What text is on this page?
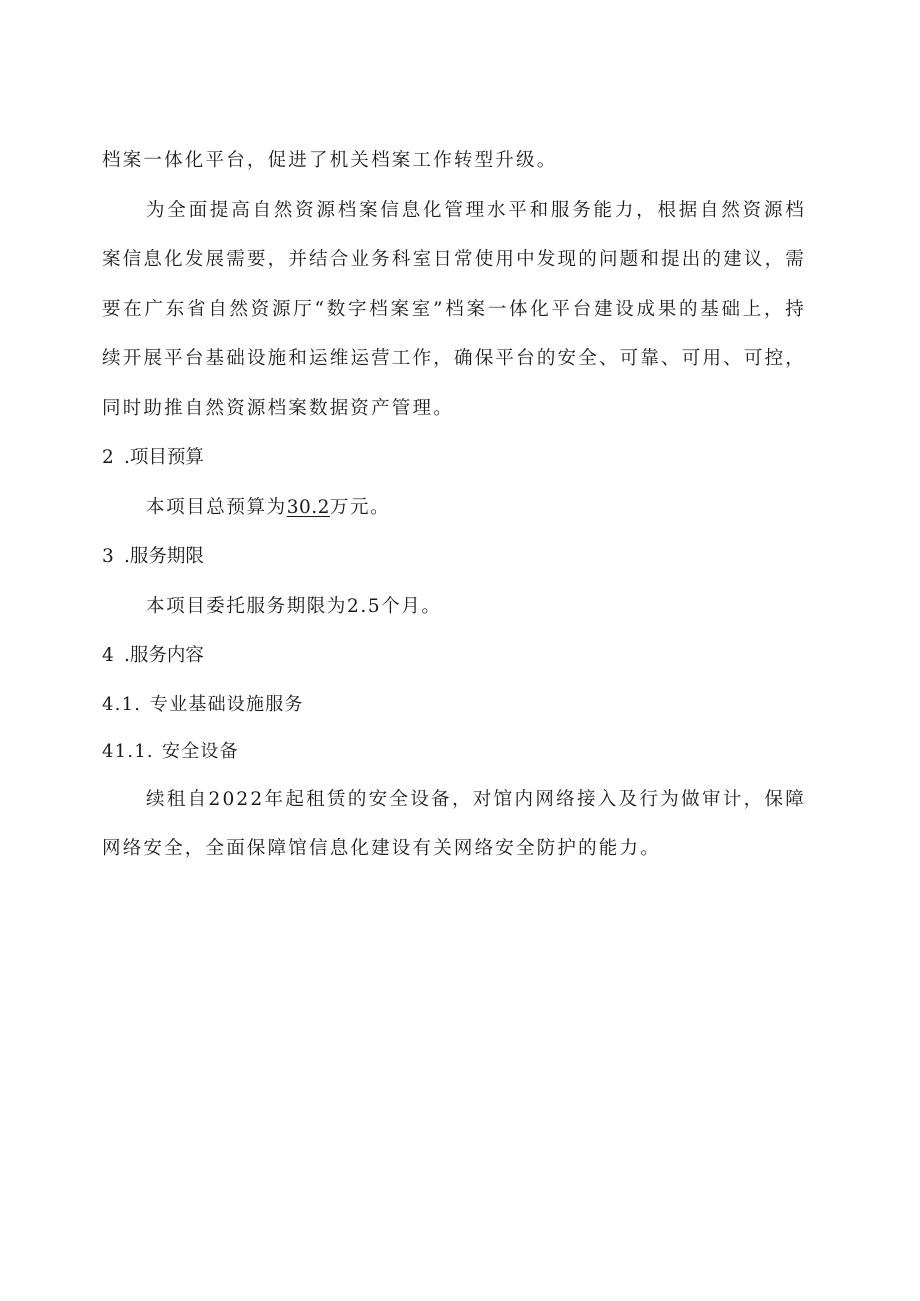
档案一体化平台，促进了机关档案工作转型升级。

为全面提高自然资源档案信息化管理水平和服务能力，根据自然资源档案信息化发展需要，并结合业务科室日常使用中发现的问题和提出的建议，需要在广东省自然资源厅“数字档案室”档案一体化平台建设成果的基础上，持续开展平台基础设施和运维运营工作，确保平台的安全、可靠、可用、可控，同时助推自然资源档案数据资产管理。

2 .项目预算

本项目总预算为30.2万元。

3 .服务期限

本项目委托服务期限为2.5个月。

4 .服务内容

4.1. 专业基础设施服务

41.1. 安全设备

续租自2022年起租赁的安全设备，对馆内网络接入及行为做审计，保障网络安全，全面保障馆信息化建设有关网络安全防护的能力。
